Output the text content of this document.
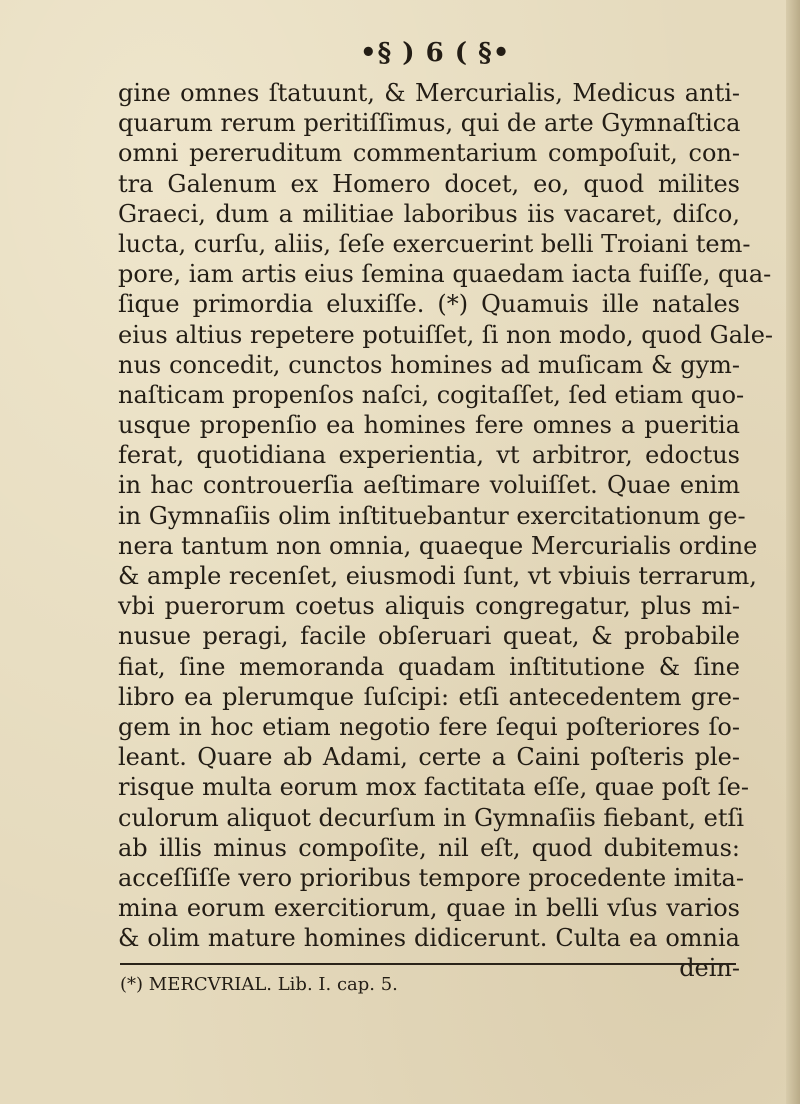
•§ ) 6 ( §•
gine omnes ſtatuunt, & Mercurialis, Medicus anti-
quarum rerum peritiſſimus, qui de arte Gymnaſtica
omni pereruditum commentarium compoſuit, con-
tra Galenum ex Homero docet, eo, quod milites
Graeci, dum a militiae laboribus iis vacaret, diſco,
lucta, curſu, aliis, ſeſe exercuerint belli Troiani tem-
pore, iam artis eius ſemina quaedam iacta fuiſſe, qua-
ſique primordia eluxiſſe. (*) Quamuis ille natales
eius altius repetere potuiſſet, ſi non modo, quod Gale-
nus concedit, cunctos homines ad muſicam & gym-
naſticam propenſos naſci, cogitaſſet, ſed etiam quo-
usque propenſio ea homines fere omnes a pueritia
ferat, quotidiana experientia, vt arbitror, edoctus
in hac controuerſia aeſtimare voluiſſet. Quae enim
in Gymnaſiis olim inſtituebantur exercitationum ge-
nera tantum non omnia, quaeque Mercurialis ordine
& ample recenſet, eiusmodi ſunt, vt vbiuis terrarum,
vbi puerorum coetus aliquis congregatur, plus mi-
nusue peragi, facile obſeruari queat, & probabile
fiat, ſine memoranda quadam inſtitutione & ſine
libro ea plerumque ſuſcipi: etſi antecedentem gre-
gem in hoc etiam negotio fere ſequi poſteriores ſo-
leant. Quare ab Adami, certe a Caini poſteris ple-
risque multa eorum mox factitata eſſe, quae poſt ſe-
culorum aliquot decurſum in Gymnaſiis fiebant, etſi
ab illis minus compoſite, nil eſt, quod dubitemus:
acceſſiſſe vero prioribus tempore procedente imita-
mina eorum exercitiorum, quae in belli vſus varios
& olim mature homines didicerunt. Culta ea omnia
dein-
(*) MERCVRIAL. Lib. I. cap. 5.
